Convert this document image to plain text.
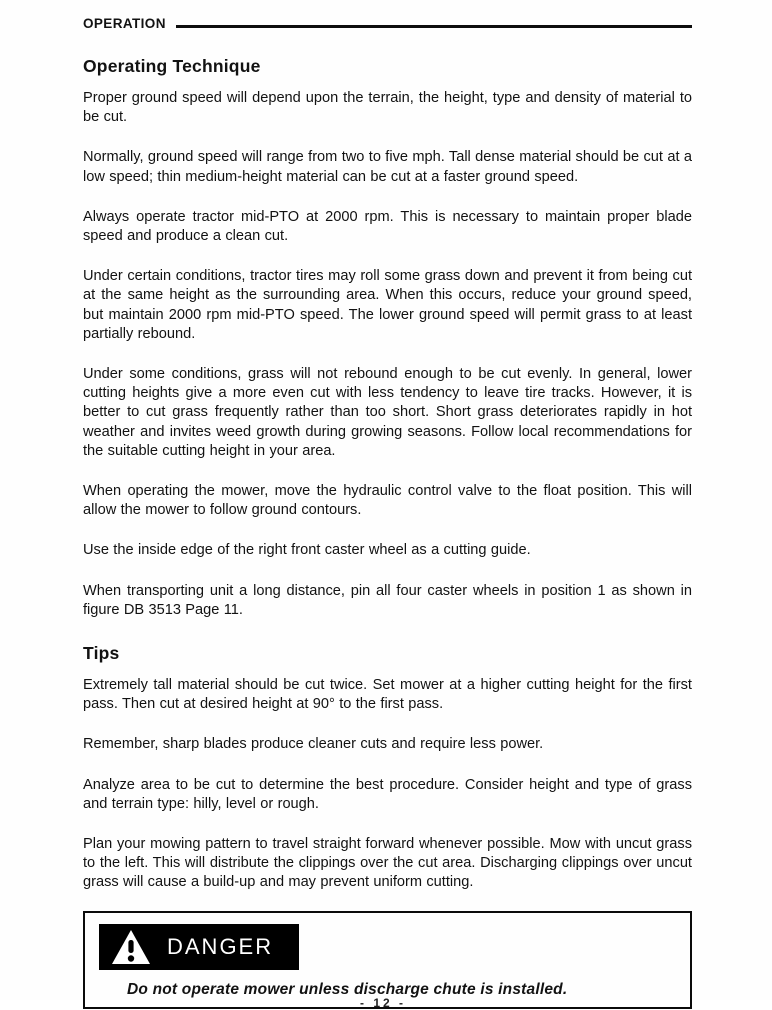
OPERATION
Operating Technique

Proper ground speed will depend upon the terrain, the height, type and density of material to be cut.

Normally, ground speed will range from two to five mph. Tall dense material should be cut at a low speed; thin medium-height material can be cut at a faster ground speed.

Always operate tractor mid-PTO at 2000 rpm. This is necessary to maintain proper blade speed and produce a clean cut.

Under certain conditions, tractor tires may roll some grass down and prevent it from being cut at the same height as the surrounding area. When this occurs, reduce your ground speed, but maintain 2000 rpm mid-PTO speed. The lower ground speed will permit grass to at least partially rebound.

Under some conditions, grass will not rebound enough to be cut evenly. In general, lower cutting heights give a more even cut with less tendency to leave tire tracks. However, it is better to cut grass frequently rather than too short. Short grass deteriorates rapidly in hot weather and invites weed growth during growing seasons. Follow local recommendations for the suitable cutting height in your area.

When operating the mower, move the hydraulic control valve to the float position. This will allow the mower to follow ground contours.

Use the inside edge of the right front caster wheel as a cutting guide.

When transporting unit a long distance, pin all four caster wheels in position 1 as shown in figure DB 3513 Page 11.

Tips

Extremely tall material should be cut twice. Set mower at a higher cutting height for the first pass. Then cut at desired height at 90° to the first pass.

Remember, sharp blades produce cleaner cuts and require less power.

Analyze area to be cut to determine the best procedure. Consider height and type of grass and terrain type: hilly, level or rough.

Plan your mowing pattern to travel straight forward whenever possible. Mow with uncut grass to the left. This will distribute the clippings over the cut area. Discharging clippings over uncut grass will cause a build-up and may prevent uniform cutting.

DANGER
Do not operate mower unless discharge chute is installed.
- 12 -
